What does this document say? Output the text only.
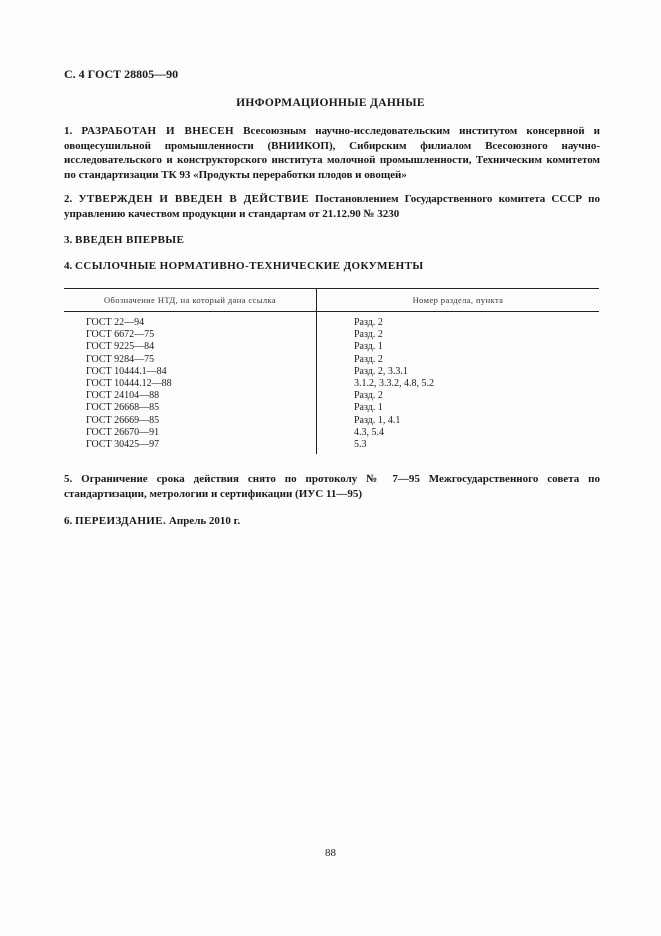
С. 4 ГОСТ 28805—90
ИНФОРМАЦИОННЫЕ ДАННЫЕ
1. РАЗРАБОТАН И ВНЕСЕН Всесоюзным научно-исследовательским институтом консервной и овощесушильной промышленности (ВНИИКОП), Сибирским филиалом Всесоюзного научно-исследовательского и конструкторского института молочной промышленности, Техническим комитетом по стандартизации ТК 93 «Продукты переработки плодов и овощей»
2. УТВЕРЖДЕН И ВВЕДЕН В ДЕЙСТВИЕ Постановлением Государственного комитета СССР по управлению качеством продукции и стандартам от 21.12.90 № 3230
3. ВВЕДЕН ВПЕРВЫЕ
4. ССЫЛОЧНЫЕ НОРМАТИВНО-ТЕХНИЧЕСКИЕ ДОКУМЕНТЫ
Обозначение НТД, на который дана ссылка	Номер раздела, пункта
ГОСТ 22—94	Разд. 2
ГОСТ 6672—75	Разд. 2
ГОСТ 9225—84	Разд. 1
ГОСТ 9284—75	Разд. 2
ГОСТ 10444.1—84	Разд. 2, 3.3.1
ГОСТ 10444.12—88	3.1.2, 3.3.2, 4.8, 5.2
ГОСТ 24104—88	Разд. 2
ГОСТ 26668—85	Разд. 1
ГОСТ 26669—85	Разд. 1, 4.1
ГОСТ 26670—91	4.3, 5.4
ГОСТ 30425—97	5.3
5. Ограничение срока действия снято по протоколу № 7—95 Межгосударственного совета по стандартизации, метрологии и сертификации (ИУС 11—95)
6. ПЕРЕИЗДАНИЕ. Апрель 2010 г.
88
